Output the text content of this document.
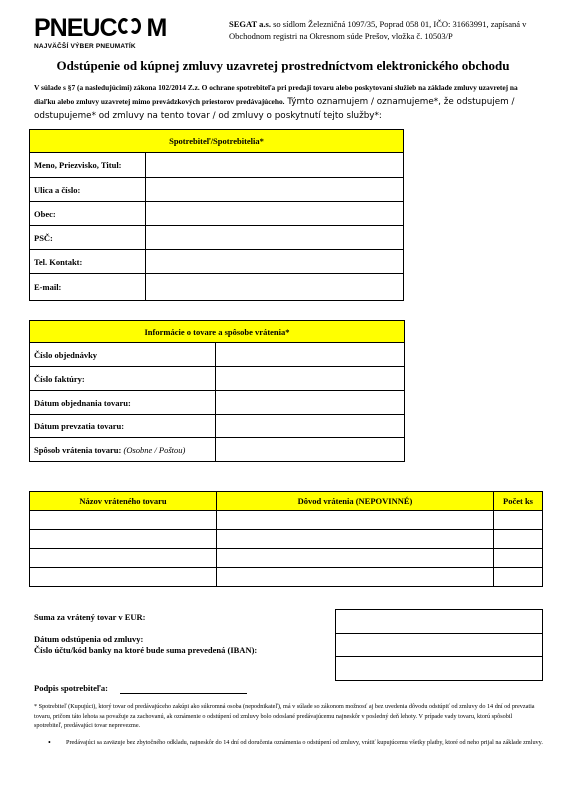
PNEUC M
NAJVÄČŠÍ VÝBER PNEUMATÍK
SEGAT a.s. so sídlom Železničná 1097/35, Poprad 058 01, IČO: 31663991, zapísaná v Obchodnom registri na Okresnom súde Prešov, vložka č. 10503/P
Odstúpenie od kúpnej zmluvy uzavretej prostredníctvom elektronického obchodu
V súlade s §7 (a nasledujúcimi) zákona 102/2014 Z.z. O ochrane spotrebiteľa pri predaji tovaru alebo poskytovaní služieb na základe zmluvy uzavretej na diaľku alebo zmluvy uzavretej mimo prevádzkových priestorov predávajúceho. Týmto oznamujem / oznamujeme*, že odstupujem / odstupujeme* od zmluvy na tento tovar / od zmluvy o poskytnutí tejto služby*:
Spotrebiteľ/Spotrebitelia*	
Meno, Priezvisko, Titul:	
Ulica a číslo:	
Obec:	
PSČ:	
Tel. Kontakt:	
E-mail:	
Informácie o tovare a spôsobe vrátenia*	
Číslo objednávky	
Číslo faktúry:	
Dátum objednania tovaru:	
Dátum prevzatia tovaru:	
Spôsob vrátenia tovaru: (Osobne / Poštou)	
Názov vráteného tovaru	Dôvod vrátenia (NEPOVINNÉ)	Počet ks

Suma za vrátený tovar v EUR:
Dátum odstúpenia od zmluvy:
Číslo účtu/kód banky na ktoré bude suma prevedená (IBAN):

Podpis spotrebiteľa:
* Spotrebiteľ (Kupujúci), ktorý tovar od predávajúceho zakúpi ako súkromná osoba (nepodnikateľ), má v súlade so zákonom možnosť aj bez uvedenia dôvodu odstúpiť od zmluvy do 14 dní od prevzatia tovaru, pričom táto lehota sa považuje za zachovanú, ak oznámenie o odstúpení od zmluvy bolo odoslané predávajúcemu najneskôr v posledný deň lehoty. V prípade vady tovaru, ktorú spôsobil spotrebiteľ, predávajúci tovar neprevezme.
• Predávajúci sa zaväzuje bez zbytočného odkladu, najneskôr do 14 dní od doručenia oznámenia o odstúpení od zmluvy, vrátiť kupujúcemu všetky platby, ktoré od neho prijal na základe zmluvy.
